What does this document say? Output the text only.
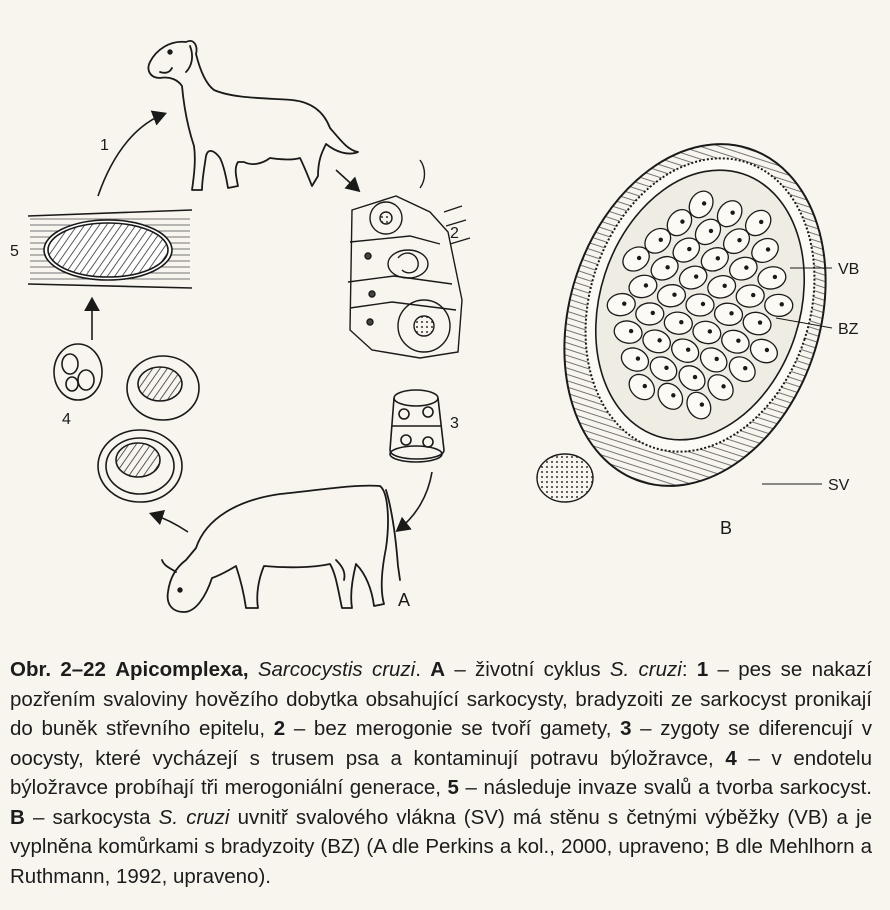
1
2
3
4
5
A
VB
BZ
SV
B
Obr. 2–22 Apicomplexa, Sarcocystis cruzi. A – životní cyklus S. cruzi: 1 – pes se nakazí pozřením svaloviny hovězího dobytka obsahující sarkocysty, bradyzoiti ze sarkocyst pronikají do buněk střevního epitelu, 2 – bez merogonie se tvoří gamety, 3 – zygoty se diferencují v oocysty, které vycházejí s trusem psa a kontaminují potravu býložravce, 4 – v endotelu býložravce probíhají tři merogoniální generace, 5 – následuje invaze svalů a tvorba sarkocyst. B – sarkocysta S. cruzi uvnitř svalového vlákna (SV) má stěnu s četnými výběžky (VB) a je vyplněna komůrkami s bradyzoity (BZ) (A dle Perkins a kol., 2000, upraveno; B dle Mehlhorn a Ruthmann, 1992, upraveno).
